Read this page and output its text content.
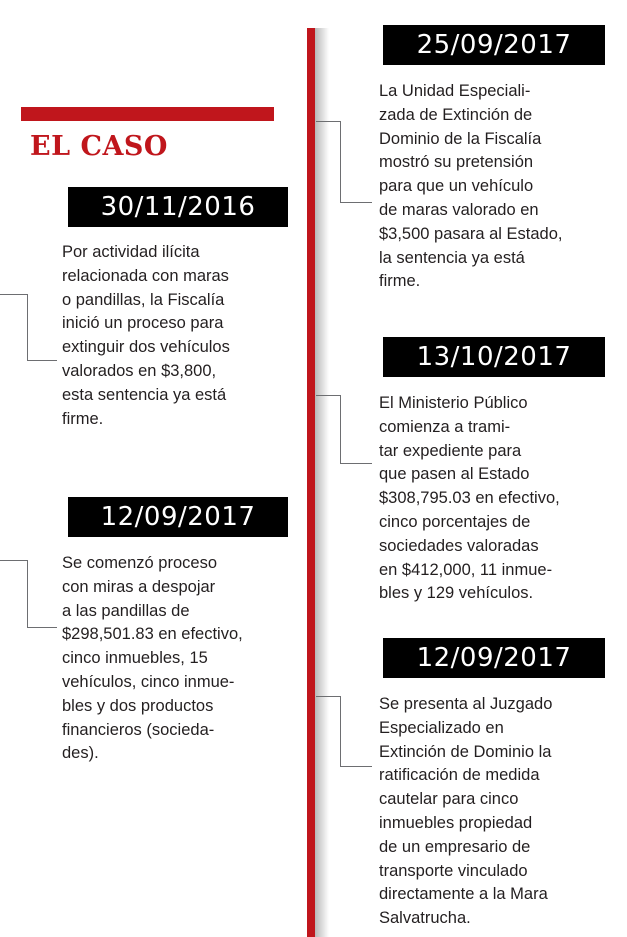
EL CASO
30/11/2016

Por actividad ilícita
relacionada con maras
o pandillas, la Fiscalía
inició un proceso para
extinguir dos vehículos
valorados en $3,800,
esta sentencia ya está
firme.

12/09/2017

Se comenzó proceso
con miras a despojar
a las pandillas de
$298,501.83 en efectivo,
cinco inmuebles, 15
vehículos, cinco inmue-
bles y dos productos
financieros (socieda-
des).

25/09/2017

La Unidad Especiali-
zada de Extinción de
Dominio de la Fiscalía
mostró su pretensión
para que un vehículo
de maras valorado en
$3,500 pasara al Estado,
la sentencia ya está
firme.

13/10/2017

El Ministerio Público
comienza a trami-
tar expediente para
que pasen al Estado
$308,795.03 en efectivo,
cinco porcentajes de
sociedades valoradas
en $412,000, 11 inmue-
bles y 129 vehículos.

12/09/2017

Se presenta al Juzgado
Especializado en
Extinción de Dominio la
ratificación de medida
cautelar para cinco
inmuebles propiedad
de un empresario de
transporte vinculado
directamente a la Mara
Salvatrucha.
